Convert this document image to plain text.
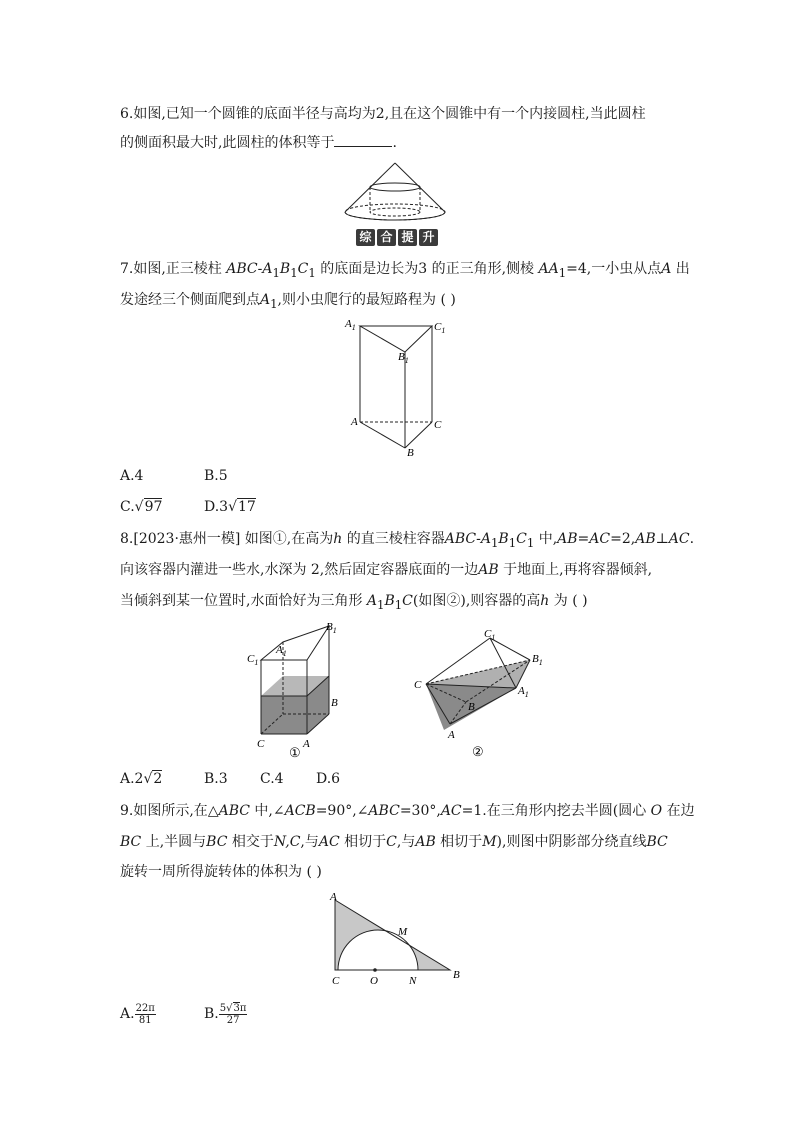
6.如图,已知一个圆锥的底面半径与高均为2,且在这个圆锥中有一个内接圆柱,当此圆柱
的侧面积最大时,此圆柱的体积等于	.
综 合 提 升
7.如图,正三棱柱 ABC-$A_1B_1C_1$ 的底面是边长为3 的正三角形,侧棱 $AA_1=4$,一小虫从点A 出
发途经三个侧面爬到点$A_1$,则小虫爬行的最短路程为 ( )
$A_1$	$C_1$
$B_1$
A	C
B
A.4	B.5
C.√97	D.3√17
8.[2023·惠州一模] 如图①,在高为h 的直三棱柱容器ABC-$A_1B_1C_1$ 中,AB=AC=2,AB⊥AC.
向该容器内灌进一些水,水深为 2,然后固定容器底面的一边AB 于地面上,再将容器倾斜,
当倾斜到某一位置时,水面恰好为三角形 $A_1B_1C$(如图②),则容器的高h 为 ( )
$B_1$
$A_1$
$C_1$
B
C	A
①
$C_1$
$B_1$
C	$A_1$
B
A
②
A.2√2	B.3 C.4 D.6
9.如图所示,在△ABC 中,∠ACB=90°,∠ABC=30°,AC=1.在三角形内挖去半圆(圆心 O 在边
BC 上,半圆与BC 相交于N,C,与AC 相切于C,与AB 相切于M),则图中阴影部分绕直线BC
旋转一周所得旋转体的体积为 ( )
A
M
C	O	N	B
A. $\frac{22\pi}{81}$	B. $\frac{5√3\pi}{27}$
